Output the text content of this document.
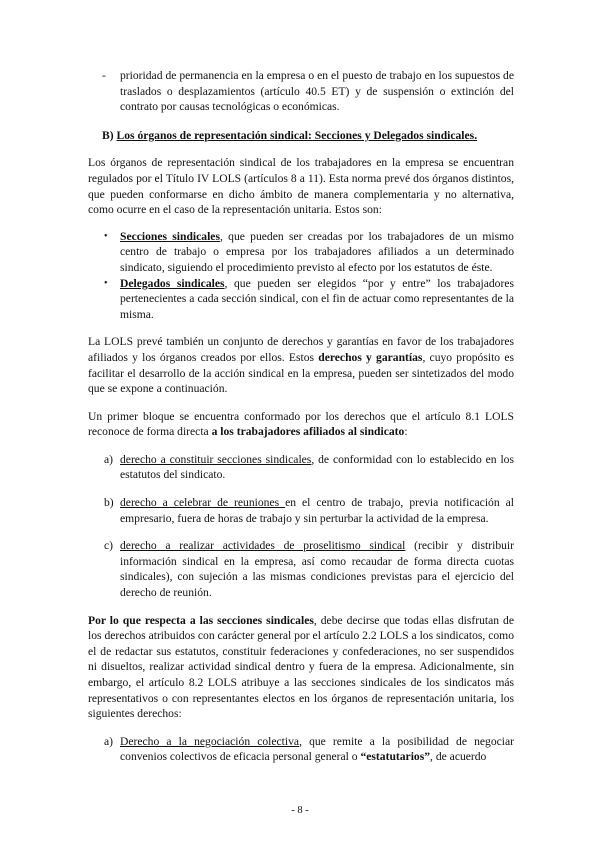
- prioridad de permanencia en la empresa o en el puesto de trabajo en los supuestos de traslados o desplazamientos (artículo 40.5 ET) y de suspensión o extinción del contrato por causas tecnológicas o económicas.

B) Los órganos de representación sindical: Secciones y Delegados sindicales.

Los órganos de representación sindical de los trabajadores en la empresa se encuentran regulados por el Título IV LOLS (artículos 8 a 11). Esta norma prevé dos órganos distintos, que pueden conformarse en dicho ámbito de manera complementaria y no alternativa, como ocurre en el caso de la representación unitaria. Estos son:

• Secciones sindicales, que pueden ser creadas por los trabajadores de un mismo centro de trabajo o empresa por los trabajadores afiliados a un determinado sindicato, siguiendo el procedimiento previsto al efecto por los estatutos de éste.

• Delegados sindicales, que pueden ser elegidos “por y entre” los trabajadores pertenecientes a cada sección sindical, con el fin de actuar como representantes de la misma.

La LOLS prevé también un conjunto de derechos y garantías en favor de los trabajadores afiliados y los órganos creados por ellos. Estos derechos y garantías, cuyo propósito es facilitar el desarrollo de la acción sindical en la empresa, pueden ser sintetizados del modo que se expone a continuación.

Un primer bloque se encuentra conformado por los derechos que el artículo 8.1 LOLS reconoce de forma directa a los trabajadores afiliados al sindicato:

a) derecho a constituir secciones sindicales, de conformidad con lo establecido en los estatutos del sindicato.

b) derecho a celebrar de reuniones en el centro de trabajo, previa notificación al empresario, fuera de horas de trabajo y sin perturbar la actividad de la empresa.

c) derecho a realizar actividades de proselitismo sindical (recibir y distribuir información sindical en la empresa, así como recaudar de forma directa cuotas sindicales), con sujeción a las mismas condiciones previstas para el ejercicio del derecho de reunión.

Por lo que respecta a las secciones sindicales, debe decirse que todas ellas disfrutan de los derechos atribuidos con carácter general por el artículo 2.2 LOLS a los sindicatos, como el de redactar sus estatutos, constituir federaciones y confederaciones, no ser suspendidos ni disueltos, realizar actividad sindical dentro y fuera de la empresa. Adicionalmente, sin embargo, el artículo 8.2 LOLS atribuye a las secciones sindicales de los sindicatos más representativos o con representantes electos en los órganos de representación unitaria, los siguientes derechos:

a) Derecho a la negociación colectiva, que remite a la posibilidad de negociar convenios colectivos de eficacia personal general o “estatutarios”, de acuerdo

- 8 -
